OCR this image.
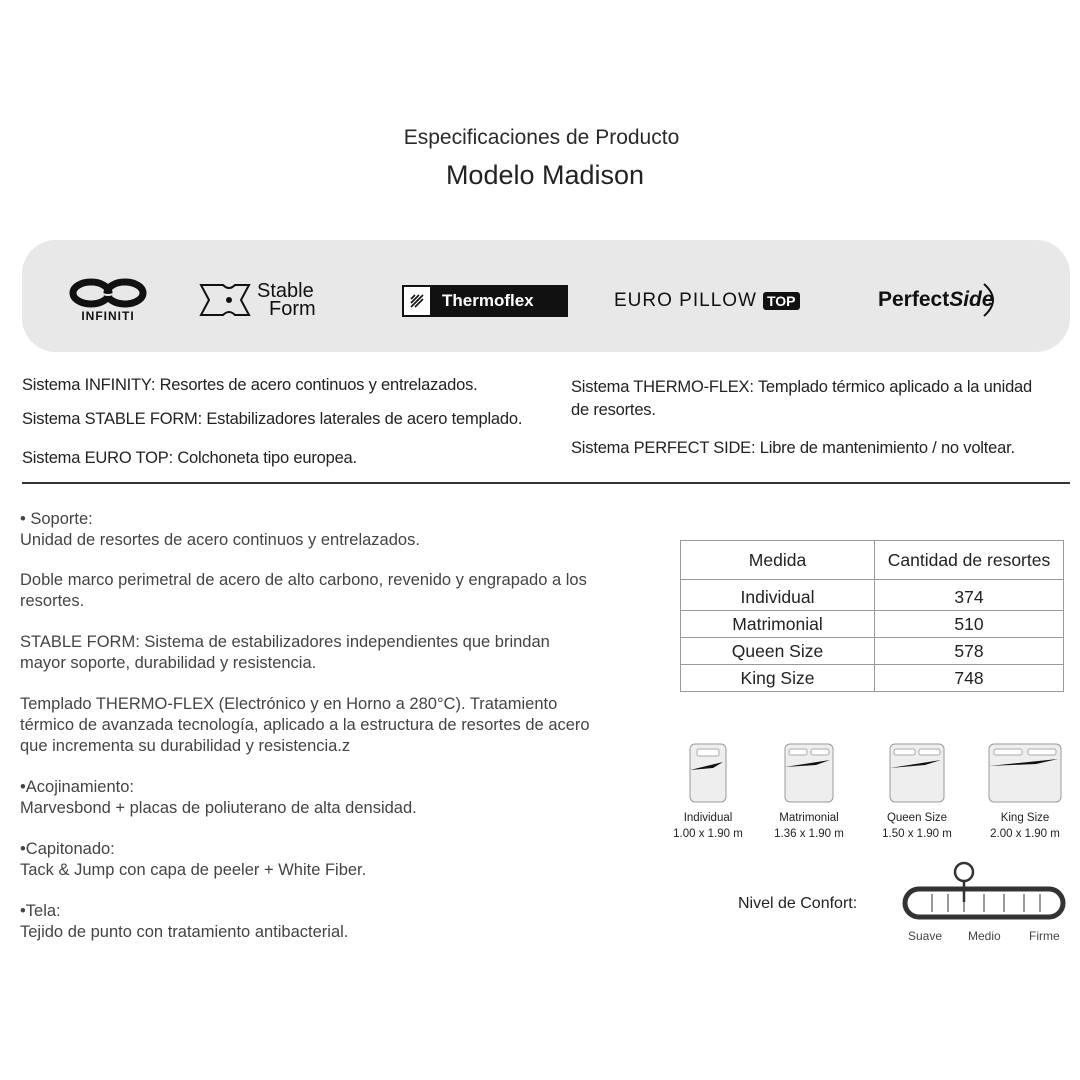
Especificaciones de Producto
Modelo Madison
INFINITI
Stable
Form	Thermoflex	EURO PILLOW TOP	Perfect Side
Sistema INFINITY: Resortes de acero continuos y entrelazados.
Sistema STABLE FORM: Estabilizadores laterales de acero templado.
Sistema EURO TOP: Colchoneta tipo europea.
Sistema THERMO-FLEX: Templado térmico aplicado a la unidad
de resortes.
Sistema PERFECT SIDE: Libre de mantenimiento / no voltear.

• Soporte:

Unidad de resortes de acero continuos y entrelazados.

Doble marco perimetral de acero de alto carbono, revenido y engrapado a los

resortes.

STABLE FORM: Sistema de estabilizadores independientes que brindan

mayor soporte, durabilidad y resistencia.

Templado THERMO-FLEX (Electrónico y en Horno a 280°C). Tratamiento

térmico de avanzada tecnología, aplicado a la estructura de resortes de acero

que incrementa su durabilidad y resistencia.z

•Acojinamiento:

Marvesbond + placas de poliuterano de alta densidad.

•Capitonado:

Tack & Jump con capa de peeler + White Fiber.

•Tela:

Tejido de punto con tratamiento antibacterial.

Medida	Cantidad de resortes
Individual	374
Matrimonial	510
Queen Size	578
King Size	748
Individual
1.00 x 1.90 m
Matrimonial
1.36 x 1.90 m
Queen Size
1.50 x 1.90 m
King Size
2.00 x 1.90 m
Nivel de Confort:
Suave Medio Firme
